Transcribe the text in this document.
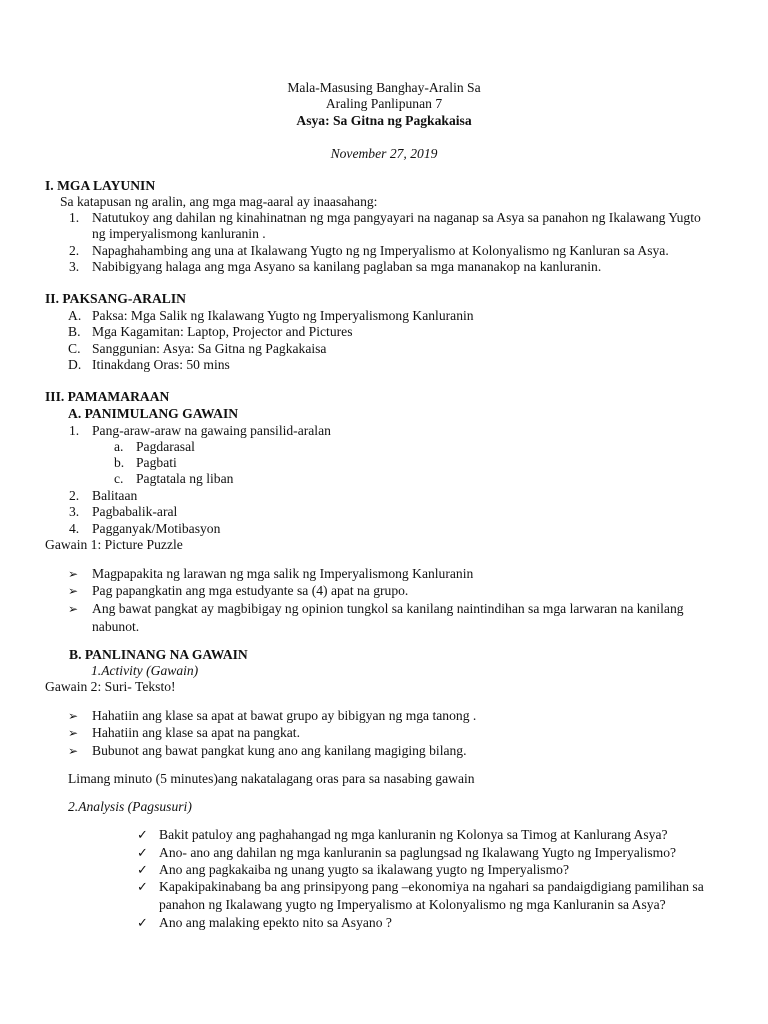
Mala-Masusing Banghay-Aralin Sa
Araling Panlipunan 7
Asya: Sa Gitna ng Pagkakaisa
November 27, 2019
I. MGA LAYUNIN
Sa katapusan ng aralin, ang mga mag-aaral ay inaasahang:
1. Natutukoy ang dahilan ng kinahinatnan ng mga pangyayari na naganap sa Asya sa panahon ng Ikalawang Yugto
ng imperyalismong kanluranin .
2. Napaghahambing ang una at Ikalawang Yugto ng ng Imperyalismo at Kolonyalismo ng Kanluran sa Asya.
3. Nabibigyang halaga ang mga Asyano sa kanilang paglaban sa mga mananakop na kanluranin.
II. PAKSANG-ARALIN
A. Paksa: Mga Salik ng Ikalawang Yugto ng Imperyalismong Kanluranin
B. Mga Kagamitan: Laptop, Projector and Pictures
C. Sanggunian: Asya: Sa Gitna ng Pagkakaisa
D. Itinakdang Oras: 50 mins
III. PAMAMARAAN
A. PANIMULANG GAWAIN
1. Pang-araw-araw na gawaing pansilid-aralan
a. Pagdarasal
b. Pagbati
c. Pagtatala ng liban
2. Balitaan
3. Pagbabalik-aral
4. Pagganyak/Motibasyon
Gawain 1: Picture Puzzle
➢ Magpapakita ng larawan ng mga salik ng Imperyalismong Kanluranin
➢ Pag papangkatin ang mga estudyante sa (4) apat na grupo.
➢ Ang bawat pangkat ay magbibigay ng opinion tungkol sa kanilang naintindihan sa mga larwaran na kanilang
nabunot.
B. PANLINANG NA GAWAIN
1.Activity (Gawain)
Gawain 2: Suri- Teksto!
➢ Hahatiin ang klase sa apat at bawat grupo ay bibigyan ng mga tanong .
➢ Hahatiin ang klase sa apat na pangkat.
➢ Bubunot ang bawat pangkat kung ano ang kanilang magiging bilang.
Limang minuto (5 minutes)ang nakatalagang oras para sa nasabing gawain
2.Analysis (Pagsusuri)
✓ Bakit patuloy ang paghahangad ng mga kanluranin ng Kolonya sa Timog at Kanlurang Asya?
✓ Ano- ano ang dahilan ng mga kanluranin sa paglungsad ng Ikalawang Yugto ng Imperyalismo?
✓ Ano ang pagkakaiba ng unang yugto sa ikalawang yugto ng Imperyalismo?
✓ Kapakipakinabang ba ang prinsipyong pang –ekonomiya na ngahari sa pandaigdigiang pamilihan sa
panahon ng Ikalawang yugto ng Imperyalismo at Kolonyalismo ng mga Kanluranin sa Asya?
✓ Ano ang malaking epekto nito sa Asyano ?
